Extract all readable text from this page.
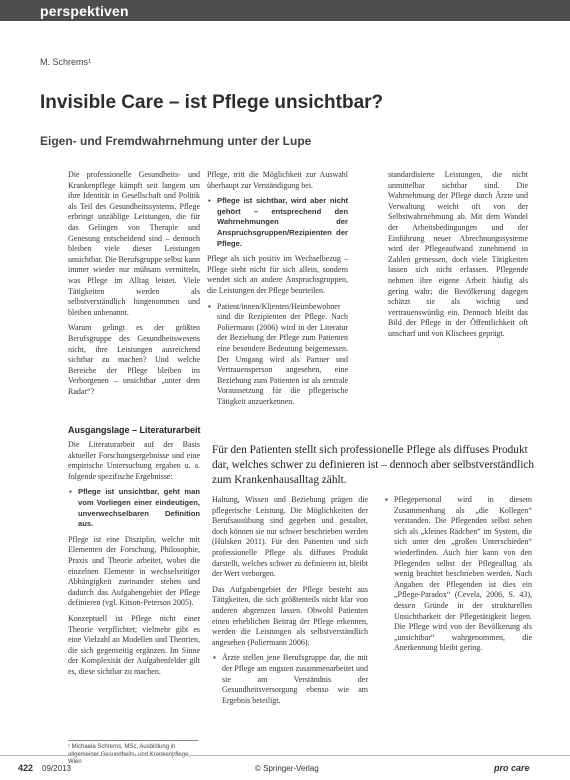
perspektiven
M. Schrems¹
Invisible Care – ist Pflege unsichtbar?
Eigen- und Fremdwahrnehmung unter der Lupe

Die professionelle Gesundheits- und Krankenpflege kämpft seit langem um ihre Identität in Gesellschaft und Politik als Teil des Gesundheitssystems. Pflege erbringt unzählige Leistungen, die für das Gelingen von Therapie und Genesung entscheidend sind – dennoch bleiben viele dieser Leistungen unsichtbar. Die Berufsgruppe selbst kann immer wieder nur mühsam vermitteln, was Pflege im Alltag leistet. Viele Tätigkeiten werden als selbstverständlich hingenommen und bleiben unbenannt.

Warum gelingt es der größten Berufsgruppe des Gesundheitswesens nicht, ihre Leistungen ausreichend sichtbar zu machen? Und welche Bereiche der Pflege bleiben im Verborgenen – unsichtbar „unter dem Radar“?

Pflege, tritt die Möglichkeit zur Auswahl überhaupt zur Verständigung bei.

▪ Pflege ist sichtbar, wird aber nicht gehört – entsprechend den Wahrnehmungen der Anspruchsgruppen/Rezipienten der Pflege.

Pflege als sich positiv im Wechselbezug – Pflege steht nicht für sich allein, sondern wendet sich an andere Anspruchsgruppen, die Leistungen der Pflege beurteilen.

▪ Patient/innen/Klienten/Heimbewohner sind die Rezipienten der Pflege. Nach Poliermann (2006) wird in der Literatur der Beziehung der Pflege zum Patienten eine besondere Bedeutung beigemessen. Der Umgang wird als Partner und Vertrauensperson angesehen, eine Beziehung zum Patienten ist als zentrale Voraussetzung für die pflegerische Tätigkeit anzuerkennen.

standardisierte Leistungen, die nicht unmittelbar sichtbar sind. Die Wahrnehmung der Pflege durch Ärzte und Verwaltung weicht oft von der Selbstwahrnehmung ab. Mit dem Wandel der Arbeitsbedingungen und der Einführung neuer Abrechnungssysteme wird der Pflegeaufwand zunehmend in Zahlen gemessen, doch viele Tätigkeiten lassen sich nicht erfassen. Pflegende nehmen ihre eigene Arbeit häufig als gering wahr; die Bevölkerung dagegen schätzt sie als wichtig und vertrauenswürdig ein. Dennoch bleibt das Bild der Pflege in der Öffentlichkeit oft unscharf und von Klischees geprägt.

Ausgangslage – Literaturarbeit

Die Literaturarbeit auf der Basis aktueller Forschungsergebnisse und eine empirische Untersuchung ergaben u. a. folgende spezifische Ergebnisse:

▪ Pflege ist unsichtbar, geht man vom Vorliegen einer eindeutigen, unverwechselbaren Definition aus.

Pflege ist eine Disziplin, welche mit Elementen der Forschung, Philosophie, Praxis und Theorie arbeitet, wobei die einzelnen Elemente in wechselseitiger Abhängigkeit zueinander stehen und dadurch das Aufgabengebiet der Pflege definieren (vgl. Kitson-Peterson 2005).

Konzeptuell ist Pflege nicht einer Theorie verpflichtet; vielmehr gibt es eine Vielzahl an Modellen und Theorien, die sich gegenseitig ergänzen. Im Sinne der Komplexität der Aufgabenfelder gilt es, diese sichtbar zu machen.

Für den Patienten stellt sich professionelle Pflege als diffuses Produkt dar, welches schwer zu definieren ist – dennoch aber selbstverständlich zum Krankenhausalltag zählt.

Haltung, Wissen und Beziehung prägen die pflegerische Leistung. Die Möglichkeiten der Berufsausübung sind gegeben und gestaltet, doch können sie nur schwer beschrieben werden (Hülsken 2011). Für den Patienten und sich professionelle Pflege als diffuses Produkt darstellt, welches schwer zu definieren ist, bleibt der Wert verborgen.

Das Aufgabengebiet der Pflege besteht aus Tätigkeiten, die sich größtenteils nicht klar von anderen abgrenzen lassen. Obwohl Patienten einen erheblichen Beitrag der Pflege erkennen, werden die Leistungen als selbstverständlich angesehen (Poliermann 2006).

▪ Ärzte stellen jene Berufsgruppe dar, die mit der Pflege am engsten zusammenarbeitet und sie am Verständnis der Gesundheitsversorgung ebenso wie am Ergebnis beteiligt.

▪ Pflegepersonal wird in diesem Zusammenhang als „die Kollegen“ verstanden. Die Pflegenden selbst sehen sich als „kleines Rädchen“ im System, die sich unter den „großen Unterschieden“ wiederfinden. Auch hier kann von den Pflegenden selbst der Pflegealltag als wenig beachtet beschrieben werden. Nach Angaben der Pflegenden ist dies ein „Pflege-Paradox“ (Cevela, 2006, S. 43), dessen Gründe in der strukturellen Unsichtbarkeit der Pflegetätigkeit liegen. Die Pflege wird von der Bevölkerung als „unsichtbar“ wahrgenommen, die Anerkennung bleibt gering.

¹ Michaela Schrems, MSc, Ausbildung in Wien
422 09/2013	© Springer-Verlag	pro care
